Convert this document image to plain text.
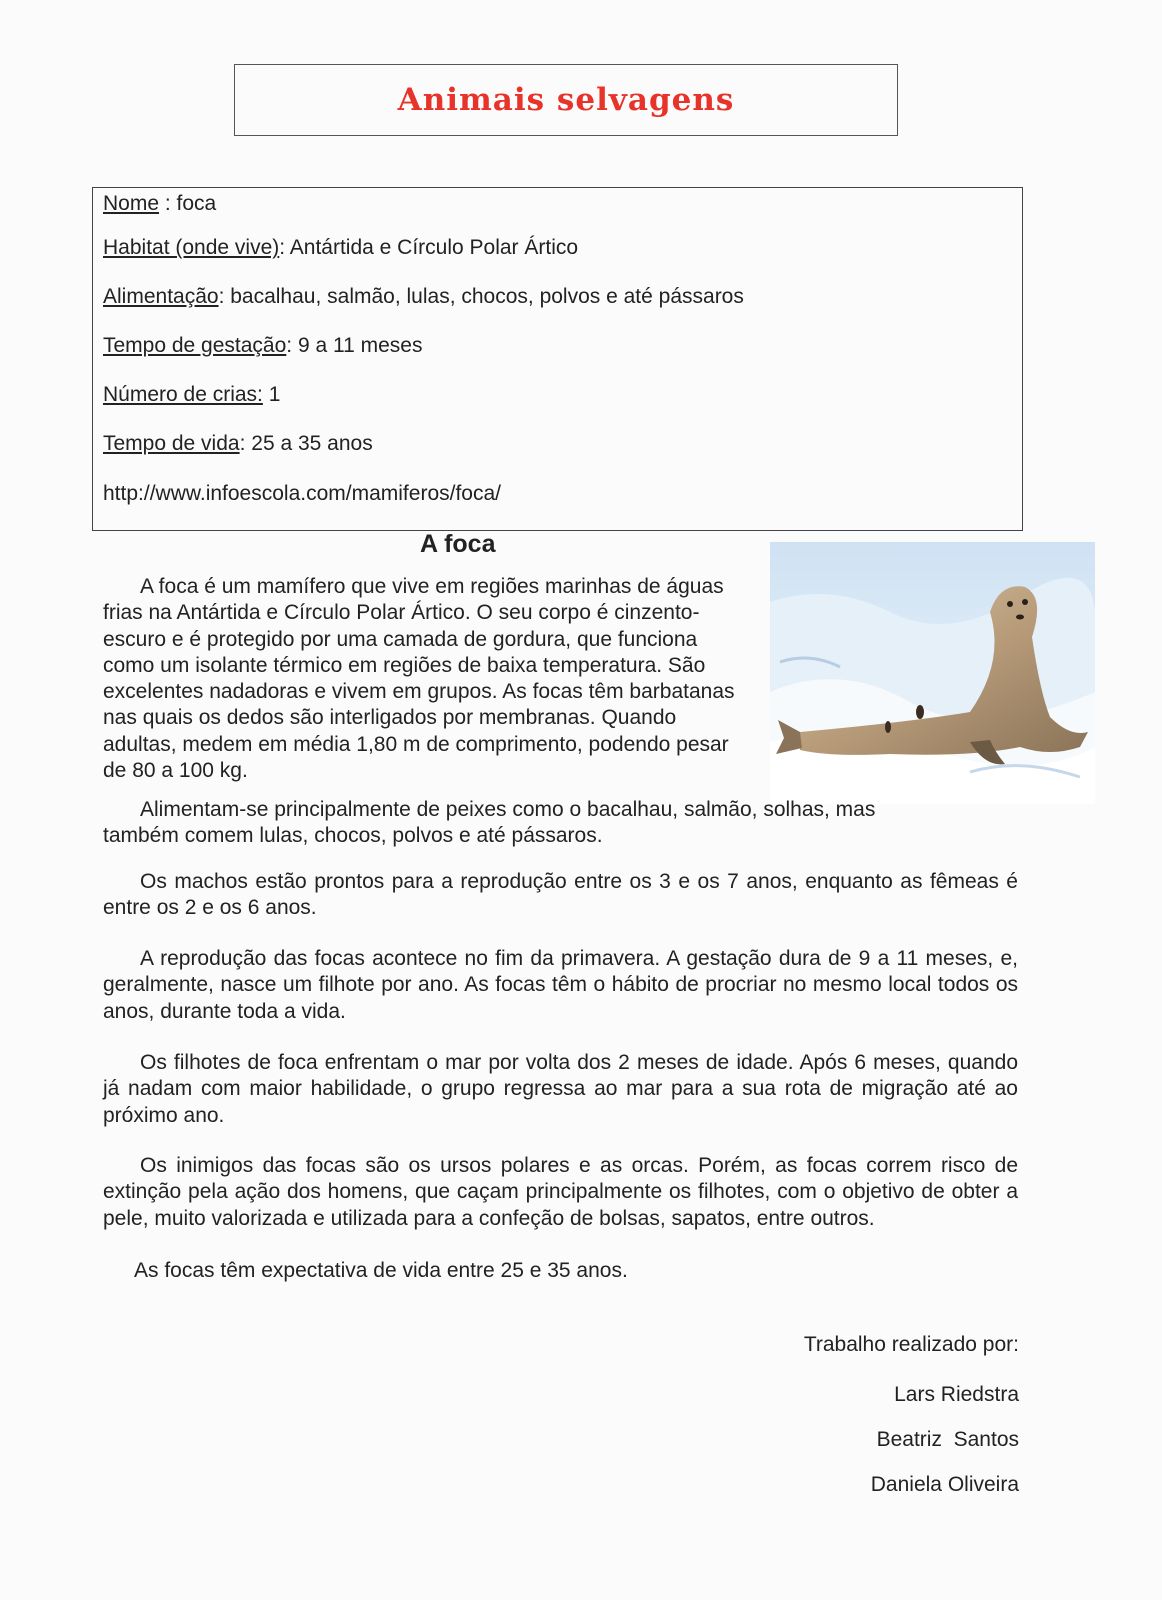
Animais selvagens
Nome : foca
Habitat (onde vive): Antártida e Círculo Polar Ártico
Alimentação: bacalhau, salmão, lulas, chocos, polvos e até pássaros
Tempo de gestação: 9 a 11 meses
Número de crias: 1
Tempo de vida: 25 a 35 anos
http://www.infoescola.com/mamiferos/foca/
A foca

A foca é um mamífero que vive em regiões marinhas de águas frias na Antártida e Círculo Polar Ártico. O seu corpo é cinzento-escuro e é protegido por uma camada de gordura, que funciona como um isolante térmico em regiões de baixa temperatura. São excelentes nadadoras e vivem em grupos. As focas têm barbatanas nas quais os dedos são interligados por membranas. Quando adultas, medem em média 1,80 m de comprimento, podendo pesar de 80 a 100 kg.

Alimentam-se principalmente de peixes como o bacalhau, salmão, solhas, mas também comem lulas, chocos, polvos e até pássaros.

Os machos estão prontos para a reprodução entre os 3 e os 7 anos, enquanto as fêmeas é entre os 2 e os 6 anos.

A reprodução das focas acontece no fim da primavera. A gestação dura de 9 a 11 meses, e, geralmente, nasce um filhote por ano. As focas têm o hábito de procriar no mesmo local todos os anos, durante toda a vida.

Os filhotes de foca enfrentam o mar por volta dos 2 meses de idade. Após 6 meses, quando já nadam com maior habilidade, o grupo regressa ao mar para a sua rota de migração até ao próximo ano.

Os inimigos das focas são os ursos polares e as orcas. Porém, as focas correm risco de extinção pela ação dos homens, que caçam principalmente os filhotes, com o objetivo de obter a pele, muito valorizada e utilizada para a confeção de bolsas, sapatos, entre outros.

As focas têm expectativa de vida entre 25 e 35 anos.

Trabalho realizado por:
Lars Riedstra
Beatriz  Santos
Daniela Oliveira
